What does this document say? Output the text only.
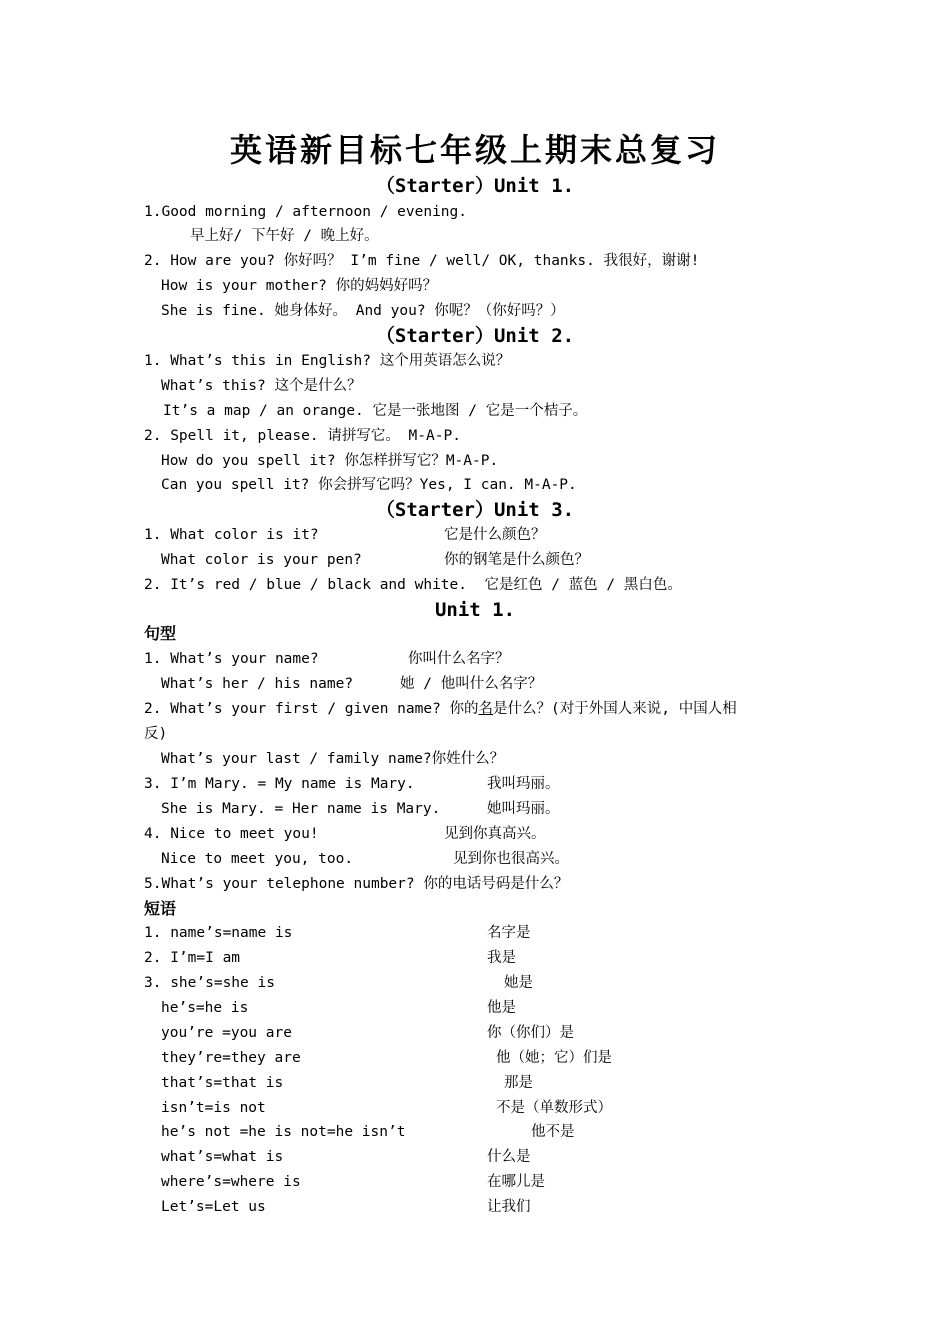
英语新目标七年级上期末总复习
（Starter）Unit 1.
1.Good morning / afternoon / evening.
早上好/ 下午好 / 晚上好。
2. How are you? 你好吗？ I’m fine / well/ OK, thanks. 我很好，谢谢!
How is your mother? 你的妈妈好吗？
She is fine. 她身体好。 And you? 你呢？（你好吗？）
（Starter）Unit 2.
1. What’s this in English? 这个用英语怎么说？
What’s this? 这个是什么？
It’s a map / an orange. 它是一张地图 / 它是一个桔子。
2. Spell it, please. 请拼写它。 M-A-P.
How do you spell it? 你怎样拼写它？M-A-P.
Can you spell it? 你会拼写它吗？Yes, I can. M-A-P.
（Starter）Unit 3.
1. What color is it?	它是什么颜色？
What color is your pen?	你的钢笔是什么颜色？
2. It’s red / blue / black and white.  它是红色 / 蓝色 / 黑白色。
Unit 1.
句型
1. What’s your name?	你叫什么名字？
What’s her / his name?	她 / 他叫什么名字？
2. What’s your first / given name? 你的名是什么？(对于外国人来说, 中国人相
反)
What’s your last / family name?你姓什么？
3. I’m Mary. = My name is Mary.	我叫玛丽。
She is Mary. = Her name is Mary.	她叫玛丽。
4. Nice to meet you!	见到你真高兴。
Nice to meet you, too.	见到你也很高兴。
5.What’s your telephone number? 你的电话号码是什么？
短语
1. name’s=name is	名字是
2. I’m=I am	我是
3. she’s=she is	她是
he’s=he is	他是
you’re =you are	你（你们）是
they’re=they are	他（她；它）们是
that’s=that is	那是
isn’t=is not	不是（单数形式）
he’s not =he is not=he isn’t	他不是
what’s=what is	什么是
where’s=where is	在哪儿是
Let’s=Let us	让我们
